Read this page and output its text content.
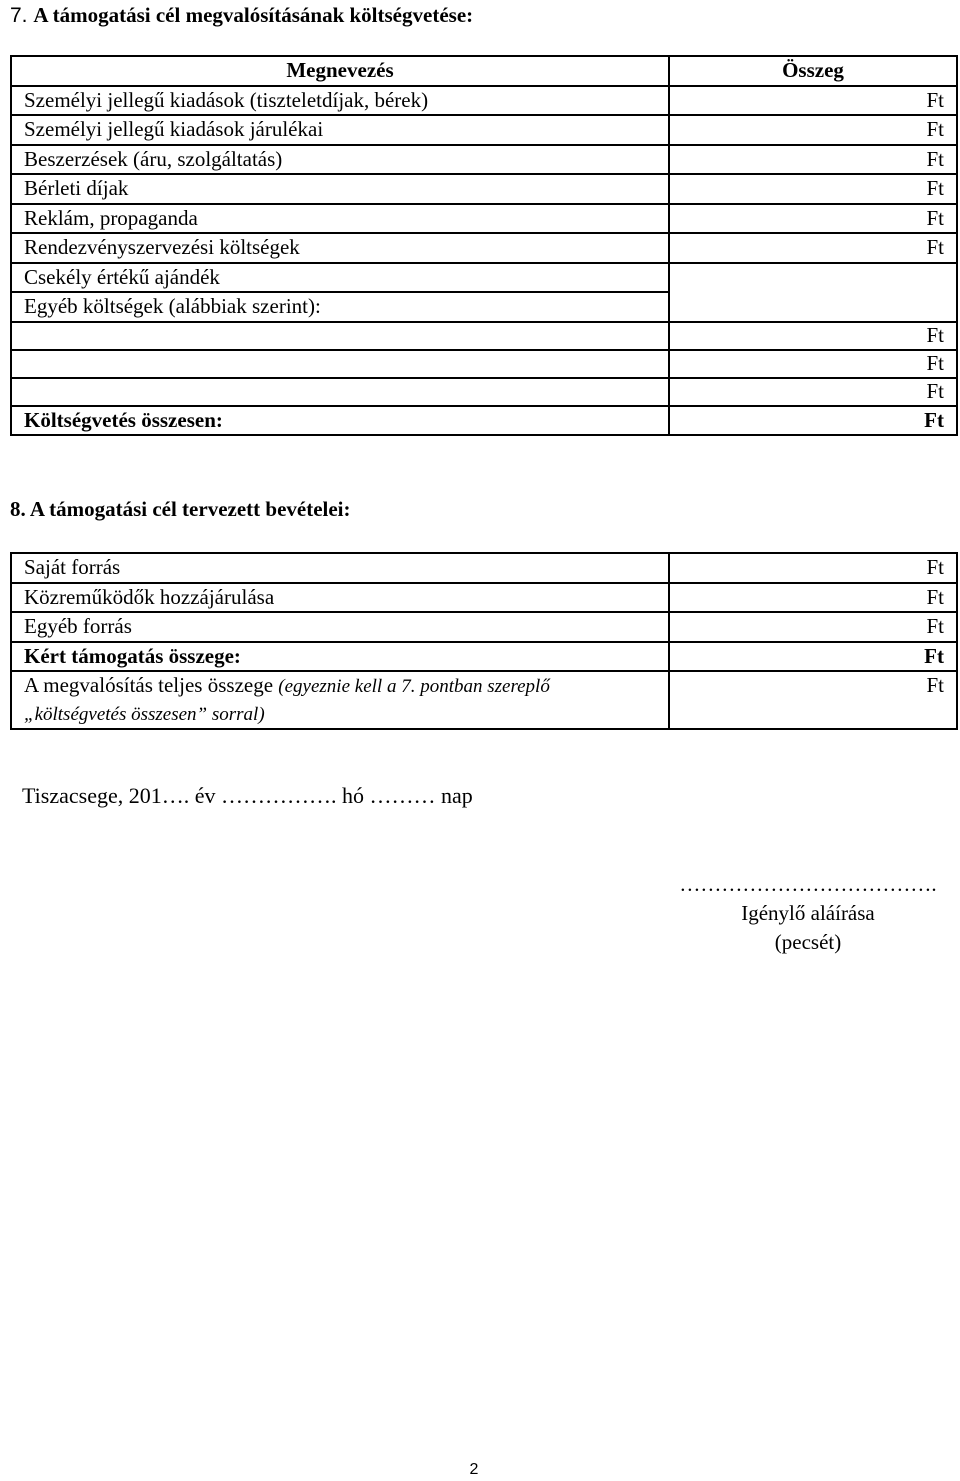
7. A támogatási cél megvalósításának költségvetése:
Megnevezés	Összeg
Személyi jellegű kiadások (tiszteletdíjak, bérek)	Ft
Személyi jellegű kiadások járulékai	Ft
Beszerzések (áru, szolgáltatás)	Ft
Bérleti díjak	Ft
Reklám, propaganda	Ft
Rendezvényszervezési költségek	Ft
Csekély értékű ajándék	
Egyéb költségek (alábbiak szerint):	
	Ft
	Ft
	Ft
Költségvetés összesen:	Ft
8. A támogatási cél tervezett bevételei:
Saját forrás	Ft
Közreműködők hozzájárulása	Ft
Egyéb forrás	Ft
Kért támogatás összege:	Ft
A megvalósítás teljes összege (egyeznie kell a 7. pontban szereplő „költségvetés összesen” sorral)	Ft
Tiszacsege, 201…. év ……………. hó ……… nap
……………………………….
Igénylő aláírása
(pecsét)
2
